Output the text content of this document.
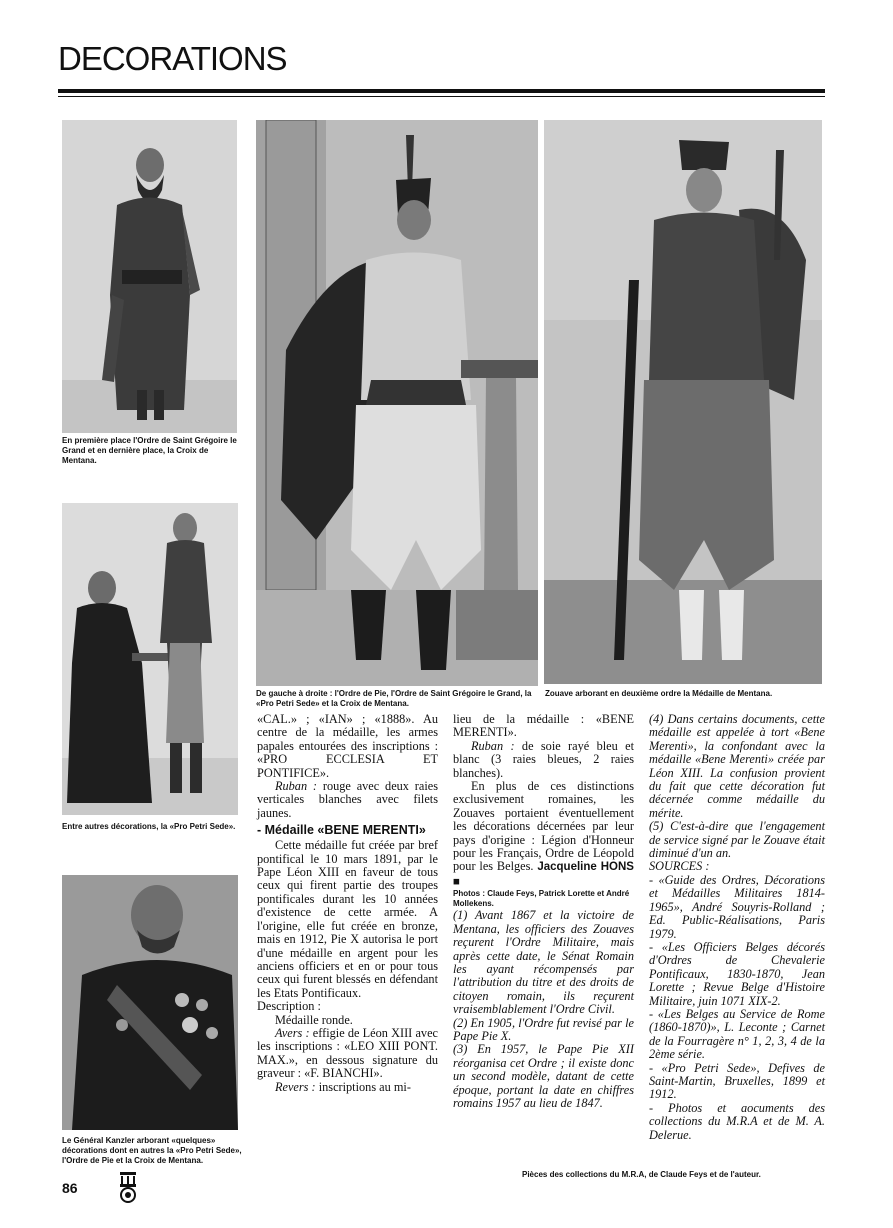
DECORATIONS
En première place l'Ordre de Saint Grégoire le Grand et en dernière place, la Croix de Mentana.
Entre autres décorations, la «Pro Petri Sede».
Le Général Kanzler arborant «quelques» décorations dont en autres la «Pro Petri Sede», l'Ordre de Pie et la Croix de Mentana.
De gauche à droite : l'Ordre de Pie, l'Ordre de Saint Grégoire le Grand, la «Pro Petri Sede» et la Croix de Mentana.
Zouave arborant en deuxième ordre la Médaille de Mentana.

«CAL.» ; «IAN» ; «1888». Au centre de la médaille, les armes papales entourées des inscriptions : «PRO ECCLESIA ET PONTIFICE».

Ruban : rouge avec deux raies verticales blanches avec filets jaunes.

- Médaille «BENE MERENTI»

Cette médaille fut créée par bref pontifical le 10 mars 1891, par le Pape Léon XIII en faveur de tous ceux qui firent partie des troupes pontificales durant les 10 années d'existence de cette armée. A l'origine, elle fut créée en bronze, mais en 1912, Pie X autorisa le port d'une médaille en argent pour les anciens officiers et en or pour tous ceux qui furent blessés en défendant les Etats Pontificaux.

Description :

Médaille ronde.

Avers : effigie de Léon XIII avec les inscriptions : «LEO XIII PONT. MAX.», en dessous signature du graveur : «F. BIANCHI».

Revers : inscriptions au mi-

lieu de la médaille : «BENE MERENTI».

Ruban : de soie rayé bleu et blanc (3 raies bleues, 2 raies blanches).

En plus de ces distinctions exclusivement romaines, les Zouaves portaient éventuellement les décorations décernées par leur pays d'origine : Légion d'Honneur pour les Français, Ordre de Léopold pour les Belges. Jacqueline HONS ■

Photos : Claude Feys, Patrick Lorette et André Mollekens.

(1) Avant 1867 et la victoire de Mentana, les officiers des Zouaves reçurent l'Ordre Militaire, mais après cette date, le Sénat Romain les ayant récompensés par l'attribution du titre et des droits de citoyen romain, ils reçurent vraisemblablement l'Ordre Civil.

(2) En 1905, l'Ordre fut revisé par le Pape Pie X.

(3) En 1957, le Pape Pie XII réorganisa cet Ordre ; il existe donc un second modèle, datant de cette époque, portant la date en chiffres romains 1957 au lieu de 1847.

(4) Dans certains documents, cette médaille est appelée à tort «Bene Merenti», la confondant avec la médaille «Bene Merenti» créée par Léon XIII. La confusion provient du fait que cette décoration fut décernée comme médaille du mérite.

(5) C'est-à-dire que l'engagement de service signé par le Zouave était diminué d'un an.

SOURCES :

- «Guide des Ordres, Décorations et Médailles Militaires 1814-1965», André Souyris-Rolland ; Ed. Public-Réalisations, Paris 1979.

- «Les Officiers Belges décorés d'Ordres de Chevalerie Pontificaux, 1830-1870, Jean Lorette ; Revue Belge d'Histoire Militaire, juin 1071 XIX-2.

- «Les Belges au Service de Rome (1860-1870)», L. Leconte ; Carnet de la Fourragère n° 1, 2, 3, 4 de la 2ème série.

- «Pro Petri Sede», Defives de Saint-Martin, Bruxelles, 1899 et 1912.

- Photos et aocuments des collections du M.R.A et de M. A. Delerue.

86
Pièces des collections du M.R.A, de Claude Feys et de l'auteur.
